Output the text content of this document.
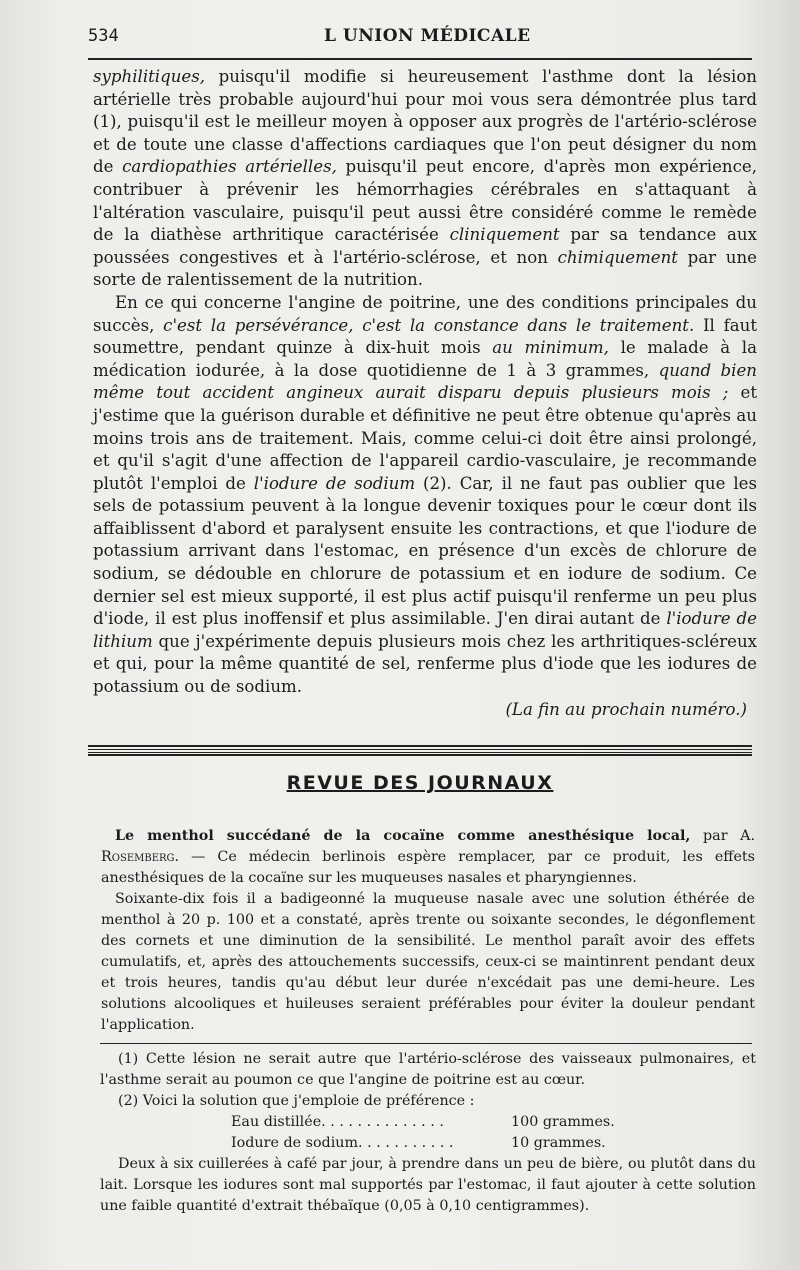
534	L UNION MÉDICALE

syphilitiques, puisqu'il modifie si heureusement l'asthme dont la lésion artérielle très probable aujourd'hui pour moi vous sera démontrée plus tard (1), puisqu'il est le meilleur moyen à opposer aux progrès de l'artério-sclérose et de toute une classe d'affections cardiaques que l'on peut désigner du nom de cardiopathies artérielles, puisqu'il peut encore, d'après mon expérience, contribuer à prévenir les hémorrhagies cérébrales en s'attaquant à l'altération vasculaire, puisqu'il peut aussi être considéré comme le remède de la diathèse arthritique caractérisée cliniquement par sa tendance aux poussées congestives et à l'artério-sclérose, et non chimiquement par une sorte de ralentissement de la nutrition.

En ce qui concerne l'angine de poitrine, une des conditions principales du succès, c'est la persévérance, c'est la constance dans le traitement. Il faut soumettre, pendant quinze à dix-huit mois au minimum, le malade à la médication iodurée, à la dose quotidienne de 1 à 3 grammes, quand bien même tout accident angineux aurait disparu depuis plusieurs mois ; et j'estime que la guérison durable et définitive ne peut être obtenue qu'après au moins trois ans de traitement. Mais, comme celui-ci doit être ainsi prolongé, et qu'il s'agit d'une affection de l'appareil cardio-vasculaire, je recommande plutôt l'emploi de l'iodure de sodium (2). Car, il ne faut pas oublier que les sels de potassium peuvent à la longue devenir toxiques pour le cœur dont ils affaiblissent d'abord et paralysent ensuite les contractions, et que l'iodure de potassium arrivant dans l'estomac, en présence d'un excès de chlorure de sodium, se dédouble en chlorure de potassium et en iodure de sodium. Ce dernier sel est mieux supporté, il est plus actif puisqu'il renferme un peu plus d'iode, il est plus inoffensif et plus assimilable. J'en dirai autant de l'iodure de lithium que j'expérimente depuis plusieurs mois chez les arthritiques-scléreux et qui, pour la même quantité de sel, renferme plus d'iode que les iodures de potassium ou de sodium.

(La fin au prochain numéro.)

REVUE DES JOURNAUX

Le menthol succédané de la cocaïne comme anesthésique local, par A. Rosemberg. — Ce médecin berlinois espère remplacer, par ce produit, les effets anesthésiques de la cocaïne sur les muqueuses nasales et pharyngiennes.

Soixante-dix fois il a badigeonné la muqueuse nasale avec une solution éthérée de menthol à 20 p. 100 et a constaté, après trente ou soixante secondes, le dégonflement des cornets et une diminution de la sensibilité. Le menthol paraît avoir des effets cumulatifs, et, après des attouchements successifs, ceux-ci se maintinrent pendant deux et trois heures, tandis qu'au début leur durée n'excédait pas une demi-heure. Les solutions alcooliques et huileuses seraient préférables pour éviter la douleur pendant l'application.

(1) Cette lésion ne serait autre que l'artério-sclérose des vaisseaux pulmonaires, et l'asthme serait au poumon ce que l'angine de poitrine est au cœur.

(2) Voici la solution que j'emploie de préférence :

Eau distillée. . . . . . . . . . . . . .	100 grammes.
Iodure de sodium. . . . . . . . . . .	10 grammes.

Deux à six cuillerées à café par jour, à prendre dans un peu de bière, ou plutôt dans du lait. Lorsque les iodures sont mal supportés par l'estomac, il faut ajouter à cette solution une faible quantité d'extrait thébaïque (0,05 à 0,10 centigrammes).
